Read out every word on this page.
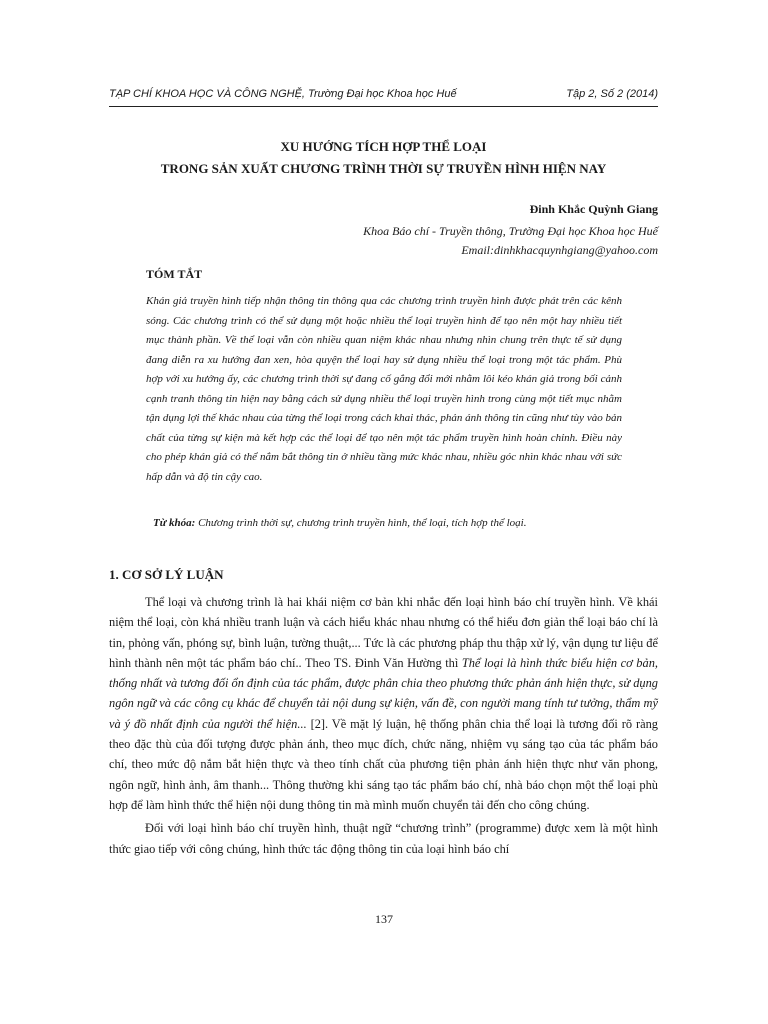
TẠP CHÍ KHOA HỌC VÀ CÔNG NGHỆ, Trường Đại học Khoa học Huế	Tập 2, Số 2 (2014)
XU HƯỚNG TÍCH HỢP THỂ LOẠI
TRONG SẢN XUẤT CHƯƠNG TRÌNH THỜI SỰ TRUYỀN HÌNH HIỆN NAY
Đinh Khắc Quỳnh Giang
Khoa Báo chí - Truyền thông, Trường Đại học Khoa học Huế
Email:dinhkhacquynhgiang@yahoo.com
TÓM TẮT
Khán giả truyền hình tiếp nhận thông tin thông qua các chương trình truyền hình được phát trên các kênh sóng. Các chương trình có thể sử dụng một hoặc nhiều thể loại truyền hình để tạo nên một hay nhiều tiết mục thành phần. Về thể loại vẫn còn nhiều quan niệm khác nhau nhưng nhìn chung trên thực tế sử dụng đang diễn ra xu hướng đan xen, hòa quyện thể loại hay sử dụng nhiều thể loại trong một tác phẩm. Phù hợp với xu hướng ấy, các chương trình thời sự đang cố gắng đổi mới nhằm lôi kéo khán giả trong bối cảnh cạnh tranh thông tin hiện nay bằng cách sử dụng nhiều thể loại truyền hình trong cùng một tiết mục nhằm tận dụng lợi thế khác nhau của từng thể loại trong cách khai thác, phản ánh thông tin cũng như tùy vào bản chất của từng sự kiện mà kết hợp các thể loại để tạo nên một tác phẩm truyền hình hoàn chỉnh. Điều này cho phép khán giả có thể nắm bắt thông tin ở nhiều tầng mức khác nhau, nhiều góc nhìn khác nhau với sức hấp dẫn và độ tin cậy cao.
Từ khóa: Chương trình thời sự, chương trình truyền hình, thể loại, tích hợp thể loại.
1. CƠ SỞ LÝ LUẬN

Thể loại và chương trình là hai khái niệm cơ bản khi nhắc đến loại hình báo chí truyền hình. Về khái niệm thể loại, còn khá nhiều tranh luận và cách hiểu khác nhau nhưng có thể hiểu đơn giản thể loại báo chí là tin, phỏng vấn, phóng sự, bình luận, tường thuật,... Tức là các phương pháp thu thập xử lý, vận dụng tư liệu để hình thành nên một tác phẩm báo chí.. Theo TS. Đinh Văn Hường thì Thể loại là hình thức biểu hiện cơ bản, thống nhất và tương đối ổn định của tác phẩm, được phân chia theo phương thức phản ánh hiện thực, sử dụng ngôn ngữ và các công cụ khác để chuyển tải nội dung sự kiện, vấn đề, con người mang tính tư tưởng, thẩm mỹ và ý đồ nhất định của người thể hiện... [2]. Về mặt lý luận, hệ thống phân chia thể loại là tương đối rõ ràng theo đặc thù của đối tượng được phản ánh, theo mục đích, chức năng, nhiệm vụ sáng tạo của tác phẩm báo chí, theo mức độ nắm bắt hiện thực và theo tính chất của phương tiện phản ánh hiện thực như văn phong, ngôn ngữ, hình ảnh, âm thanh... Thông thường khi sáng tạo tác phẩm báo chí, nhà báo chọn một thể loại phù hợp để làm hình thức thể hiện nội dung thông tin mà mình muốn chuyển tải đến cho công chúng.

Đối với loại hình báo chí truyền hình, thuật ngữ “chương trình” (programme) được xem là một hình thức giao tiếp với công chúng, hình thức tác động thông tin của loại hình báo chí

137
